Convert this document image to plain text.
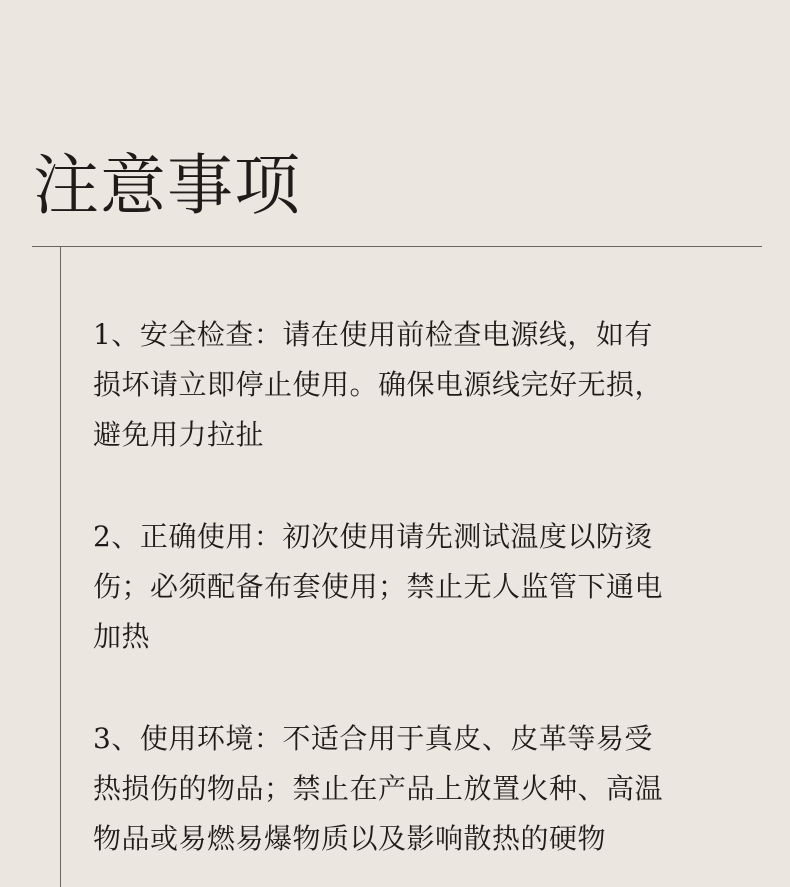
注意事项
1、安全检查：请在使用前检查电源线，如有
损坏请立即停止使用。确保电源线完好无损，
避免用力拉扯
2、正确使用：初次使用请先测试温度以防烫
伤；必须配备布套使用；禁止无人监管下通电
加热
3、使用环境：不适合用于真皮、皮革等易受
热损伤的物品；禁止在产品上放置火种、高温
物品或易燃易爆物质以及影响散热的硬物
